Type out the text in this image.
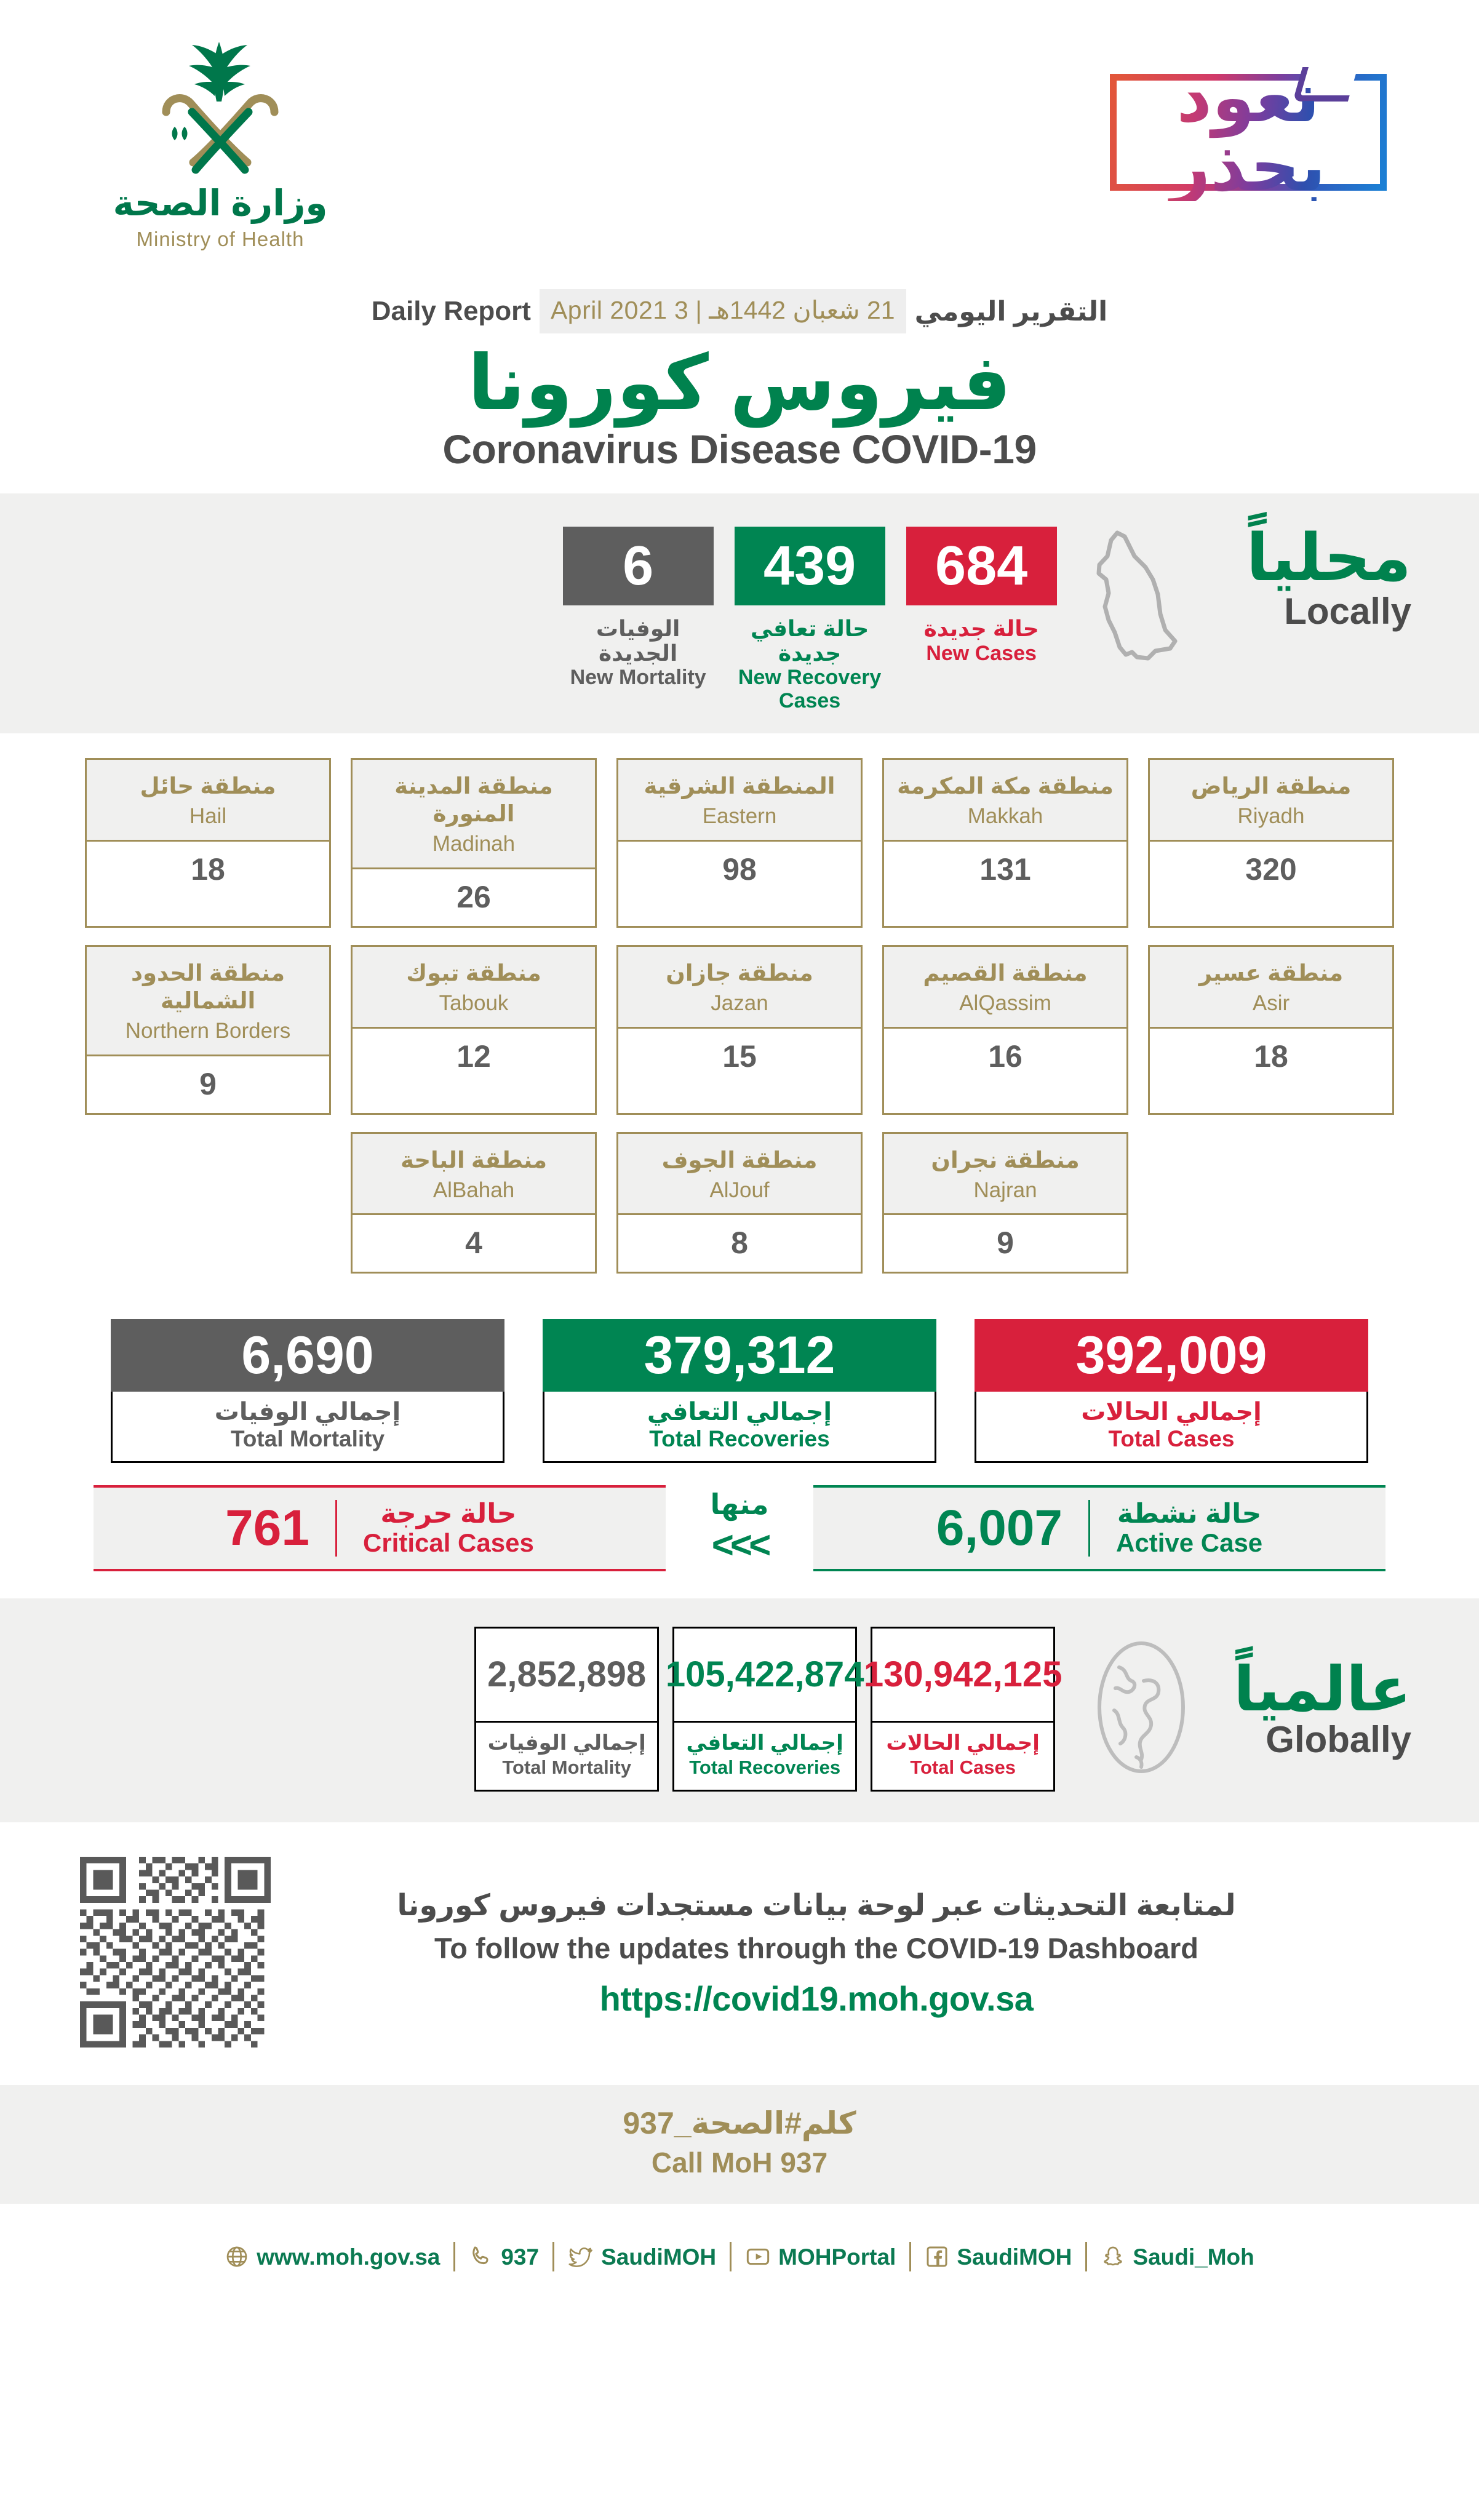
وزارة الصحة
Ministry of Health
نعود بحذر
التقرير اليومي
21 شعبان 1442هـ | 3 April 2021
Daily Report
فيروس كورونا
Coronavirus Disease COVID-19
6
الوفيات الجديدة
New Mortality
439
حالة تعافي جديدة
New Recovery Cases
684
حالة جديدة
New Cases
محلياً
Locally
منطقة حائل
Hail
18
منطقة المدينة المنورة
Madinah
26
المنطقة الشرقية
Eastern
98
منطقة مكة المكرمة
Makkah
131
منطقة الرياض
Riyadh
320
منطقة الحدود الشمالية
Northern Borders
9
منطقة تبوك
Tabouk
12
منطقة جازان
Jazan
15
منطقة القصيم
AlQassim
16
منطقة عسير
Asir
18
منطقة الباحة
AlBahah
4
منطقة الجوف
AlJouf
8
منطقة نجران
Najran
9
6,690
إجمالي الوفيات
Total Mortality
379,312
إجمالي التعافي
Total Recoveries
392,009
إجمالي الحالات
Total Cases
761	حالة حرجة
Critical Cases
منها
<<<	6,007	حالة نشطة
Active Case
2,852,898
إجمالي الوفيات
Total Mortality
105,422,874
إجمالي التعافي
Total Recoveries
130,942,125
إجمالي الحالات
Total Cases
عالمياً
Globally
لمتابعة التحديثات عبر لوحة بيانات مستجدات فيروس كورونا
To follow the updates through the COVID-19 Dashboard
https://covid19.moh.gov.sa
كلم#الصحة_937
Call MoH 937
www.moh.gov.sa	937	SaudiMOH	MOHPortal	SaudiMOH	Saudi_Moh
